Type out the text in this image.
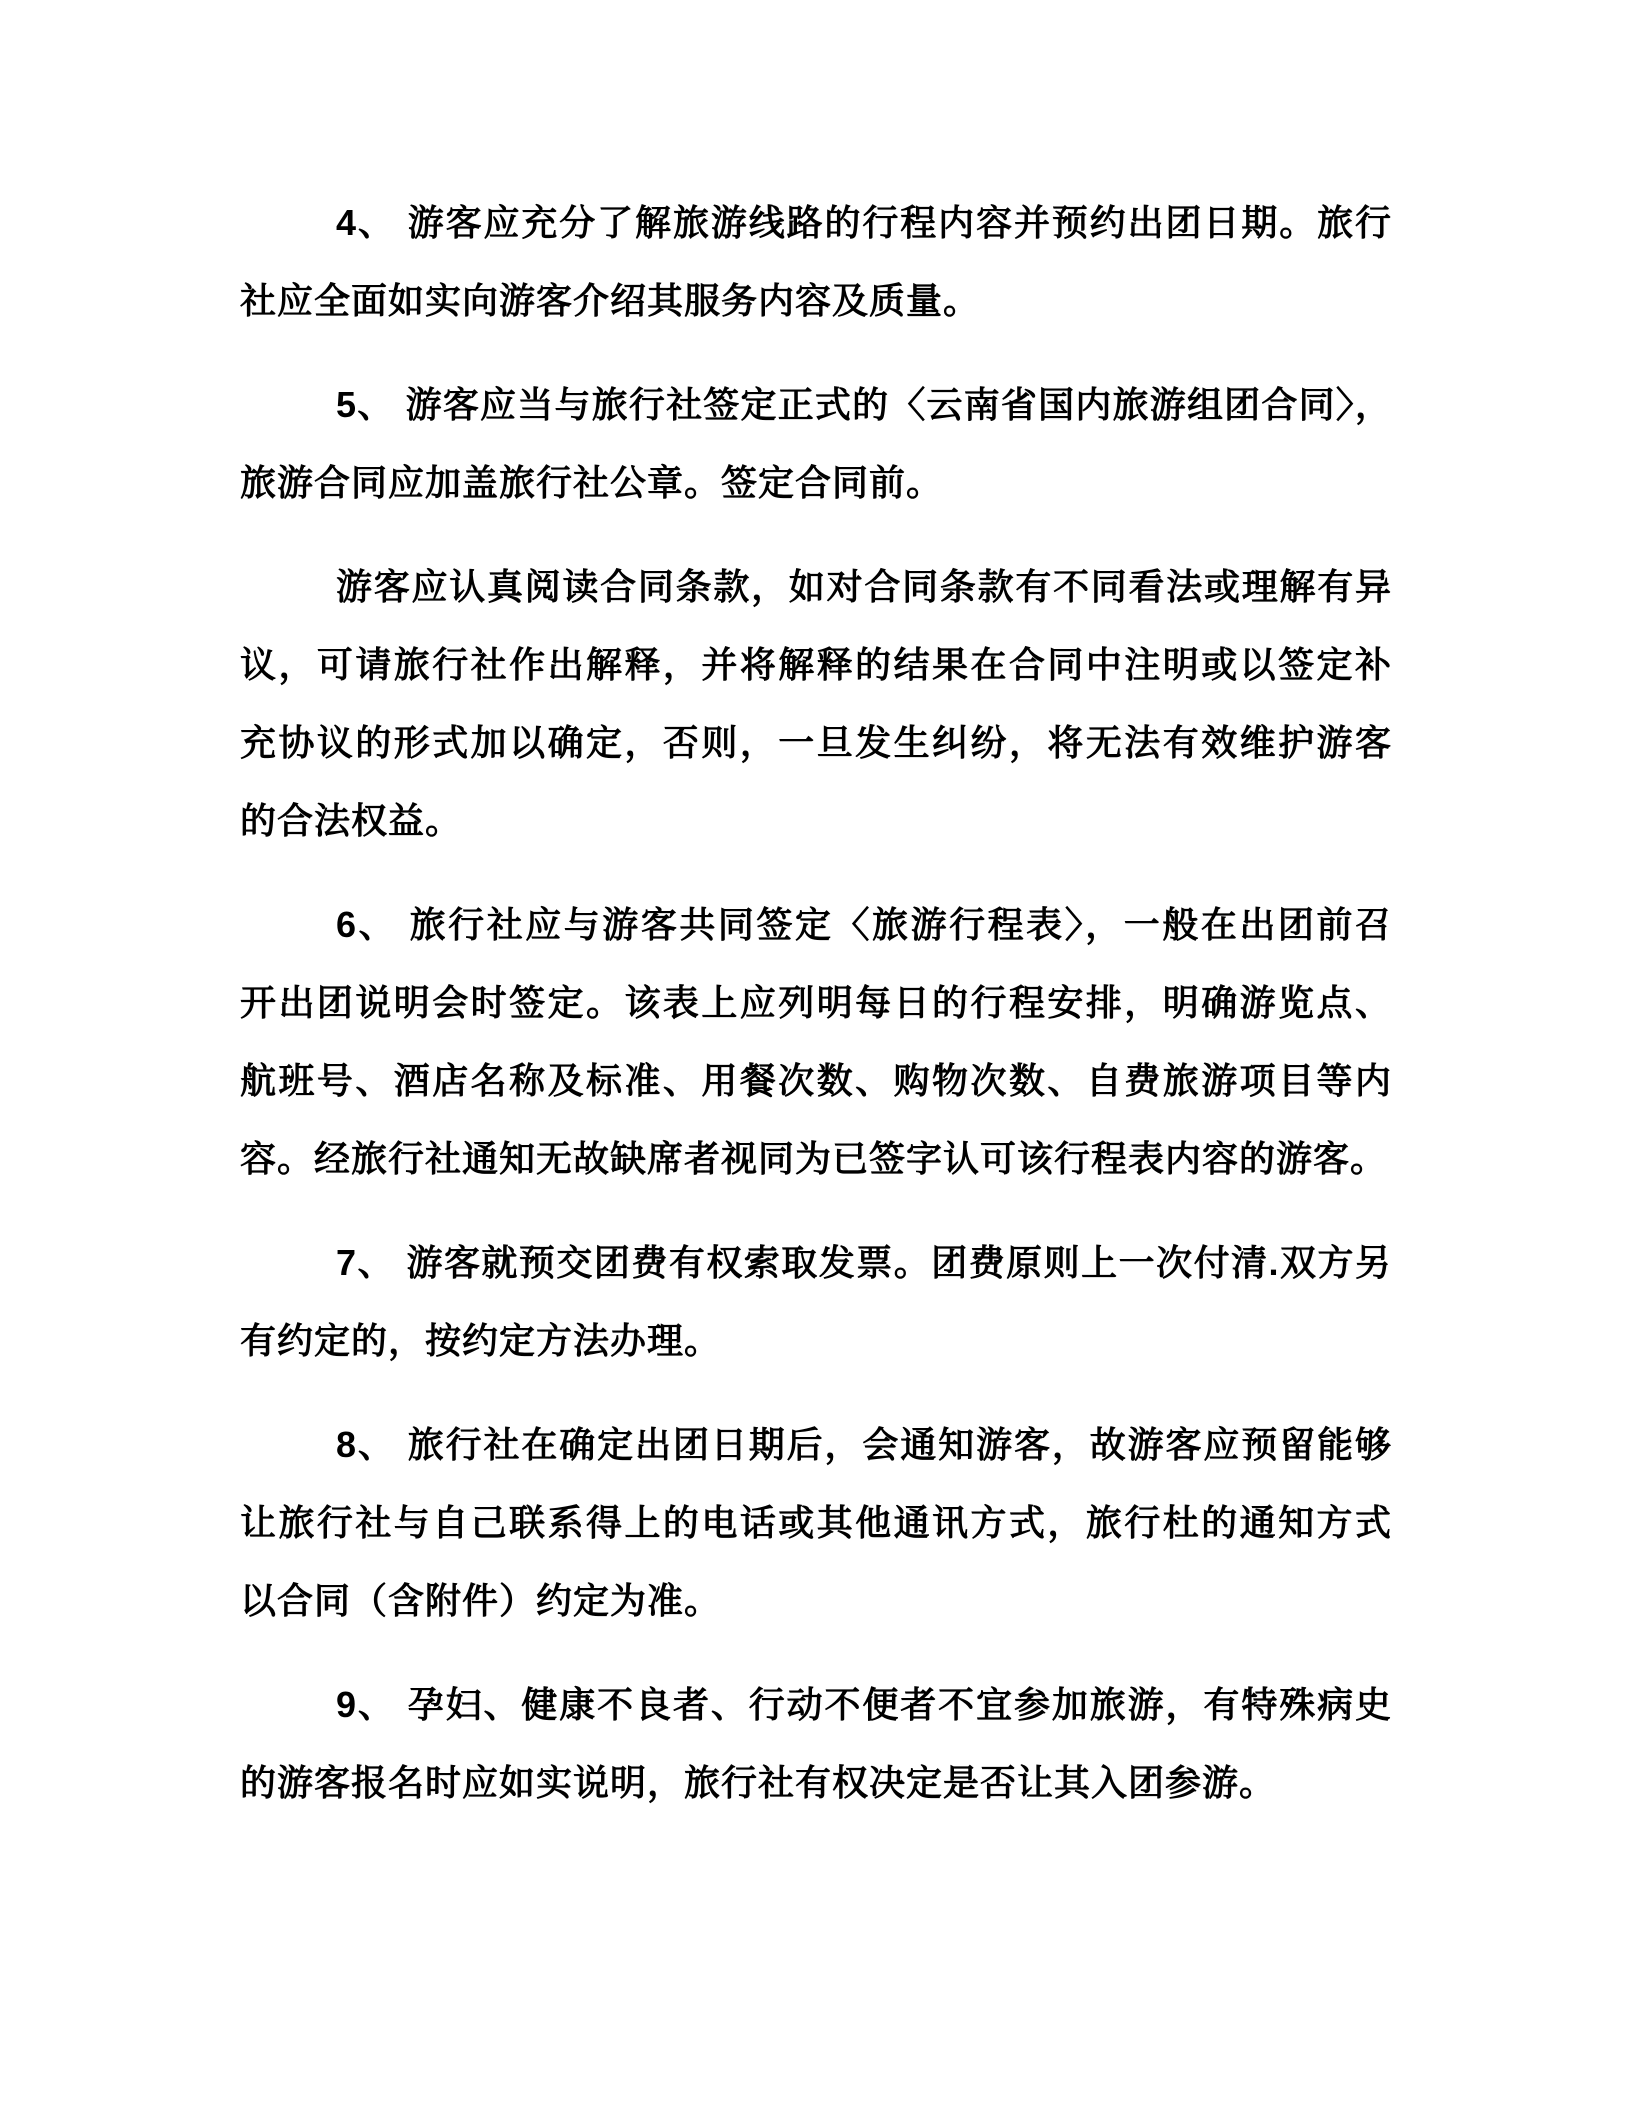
4、 游客应充分了解旅游线路的行程内容并预约出团日期。旅行
社应全面如实向游客介绍其服务内容及质量。
5、 游客应当与旅行社签定正式的〈云南省国内旅游组团合同〉，
旅游合同应加盖旅行社公章。签定合同前。
游客应认真阅读合同条款，如对合同条款有不同看法或理解有异
议，可请旅行社作出解释，并将解释的结果在合同中注明或以签定补
充协议的形式加以确定，否则，一旦发生纠纷，将无法有效维护游客
的合法权益。
6、 旅行社应与游客共同签定〈旅游行程表〉，一般在出团前召
开出团说明会时签定。该表上应列明每日的行程安排，明确游览点、
航班号、酒店名称及标准、用餐次数、购物次数、自费旅游项目等内
容。经旅行社通知无故缺席者视同为已签字认可该行程表内容的游客。
7、 游客就预交团费有权索取发票。团费原则上一次付清.双方另
有约定的，按约定方法办理。
8、 旅行社在确定出团日期后，会通知游客，故游客应预留能够
让旅行社与自己联系得上的电话或其他通讯方式，旅行杜的通知方式
以合同（含附件）约定为准。
9、 孕妇、健康不良者、行动不便者不宜参加旅游，有特殊病史
的游客报名时应如实说明，旅行社有权决定是否让其入团参游。
